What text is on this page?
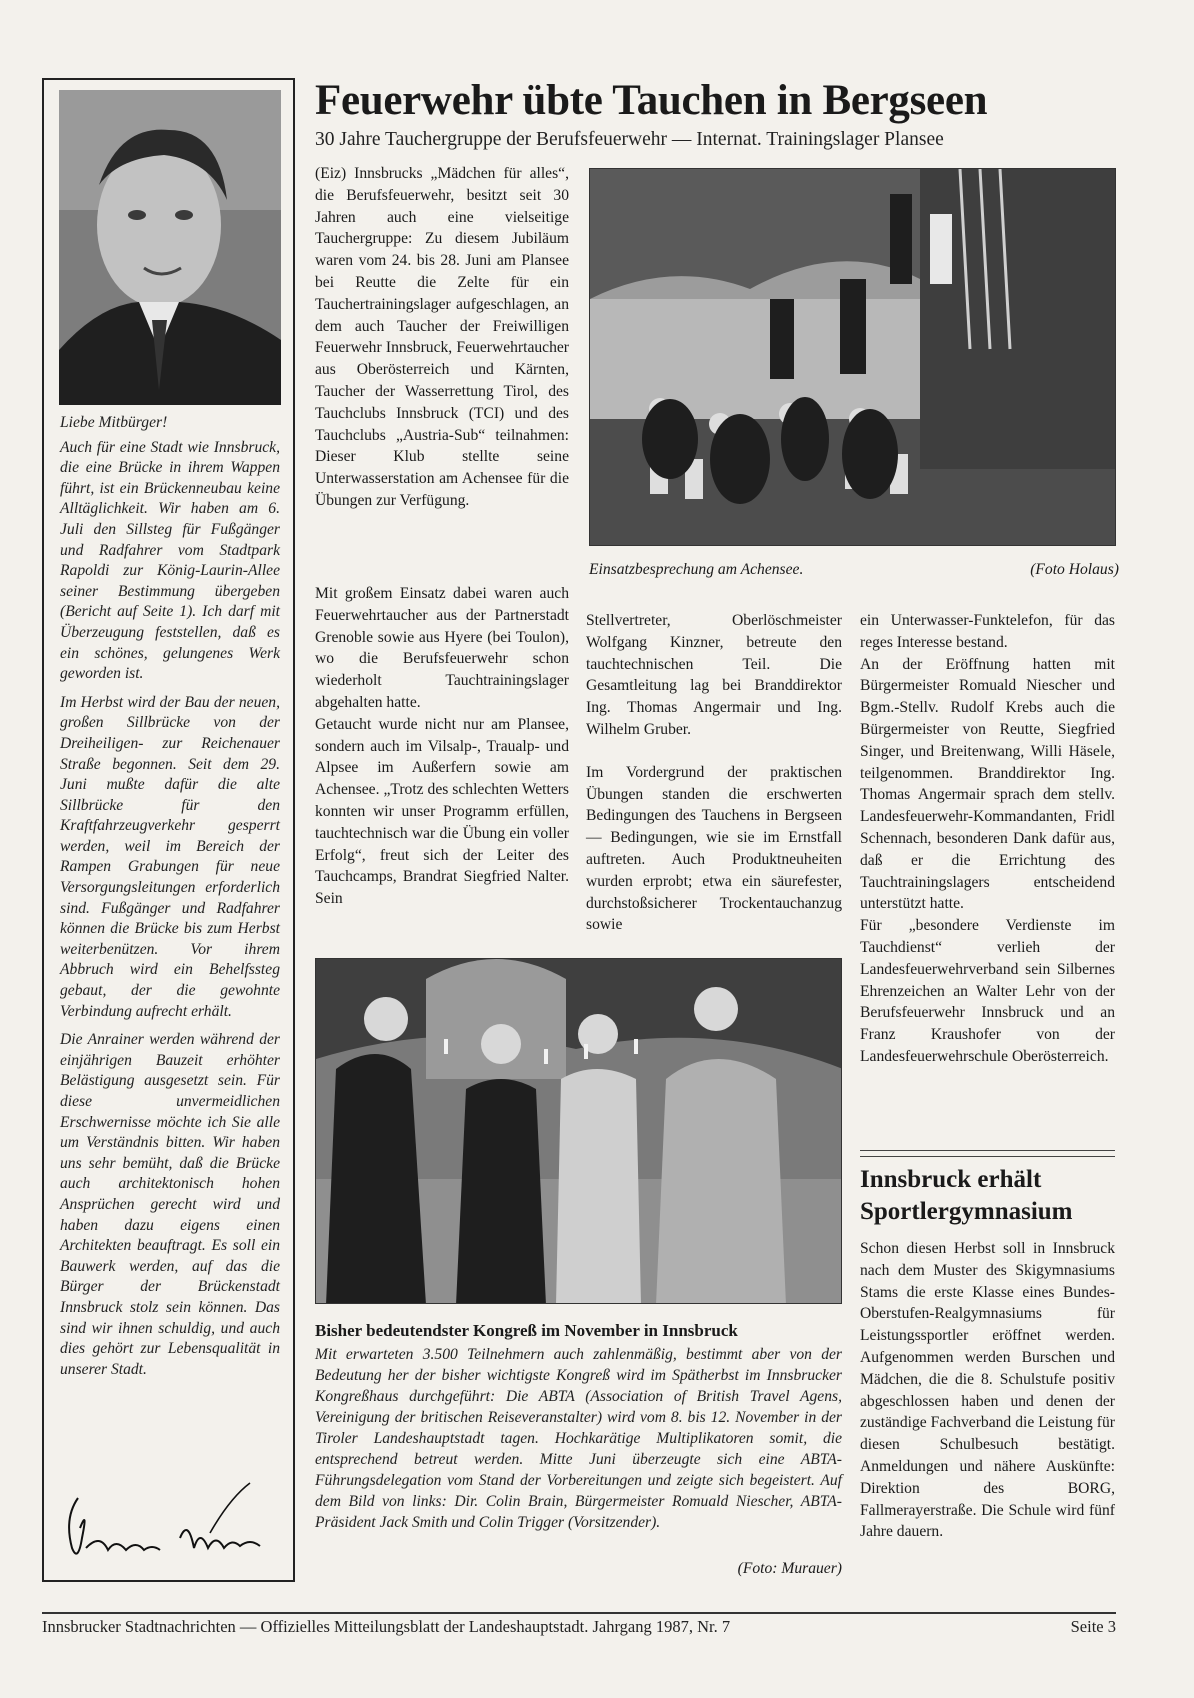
Liebe Mitbürger!

Auch für eine Stadt wie Innsbruck, die eine Brücke in ihrem Wappen führt, ist ein Brückenneubau keine Alltäglichkeit. Wir haben am 6. Juli den Sillsteg für Fußgänger und Radfahrer vom Stadtpark Rapoldi zur König-Laurin-Allee seiner Bestimmung übergeben (Bericht auf Seite 1). Ich darf mit Überzeugung feststellen, daß es ein schönes, gelungenes Werk geworden ist.

Im Herbst wird der Bau der neuen, großen Sillbrücke von der Dreiheiligen- zur Reichenauer Straße begonnen. Seit dem 29. Juni mußte dafür die alte Sillbrücke für den Kraftfahrzeugverkehr gesperrt werden, weil im Bereich der Rampen Grabungen für neue Versorgungsleitungen erforderlich sind. Fußgänger und Radfahrer können die Brücke bis zum Herbst weiterbenützen. Vor ihrem Abbruch wird ein Behelfssteg gebaut, der die gewohnte Verbindung aufrecht erhält.

Die Anrainer werden während der einjährigen Bauzeit erhöhter Belästigung ausgesetzt sein. Für diese unvermeidlichen Erschwernisse möchte ich Sie alle um Verständnis bitten. Wir haben uns sehr bemüht, daß die Brücke auch architektonisch hohen Ansprüchen gerecht wird und haben dazu eigens einen Architekten beauftragt. Es soll ein Bauwerk werden, auf das die Bürger der Brückenstadt Innsbruck stolz sein können. Das sind wir ihnen schuldig, und auch dies gehört zur Lebensqualität in unserer Stadt.

Feuerwehr übte Tauchen in Bergseen
30 Jahre Tauchergruppe der Berufsfeuerwehr — Internat. Trainingslager Plansee

(Eiz) Innsbrucks „Mädchen für alles“, die Berufsfeuerwehr, besitzt seit 30 Jahren auch eine vielseitige Tauchergruppe: Zu diesem Jubiläum waren vom 24. bis 28. Juni am Plansee bei Reutte die Zelte für ein Tauchertrainingslager aufgeschlagen, an dem auch Taucher der Freiwilligen Feuerwehr Innsbruck, Feuerwehrtaucher aus Oberösterreich und Kärnten, Taucher der Wasserrettung Tirol, des Tauchclubs Innsbruck (TCI) und des Tauchclubs „Austria-Sub“ teilnahmen: Dieser Klub stellte seine Unterwasserstation am Achensee für die Übungen zur Verfügung.

Mit großem Einsatz dabei waren auch Feuerwehrtaucher aus der Partnerstadt Grenoble sowie aus Hyere (bei Toulon), wo die Berufsfeuerwehr schon wiederholt Tauchtrainingslager abgehalten hatte.

Getaucht wurde nicht nur am Plansee, sondern auch im Vilsalp-, Traualp- und Alpsee im Außerfern sowie am Achensee. „Trotz des schlechten Wetters konnten wir unser Programm erfüllen, tauchtechnisch war die Übung ein voller Erfolg“, freut sich der Leiter des Tauchcamps, Brandrat Siegfried Nalter. Sein

Einsatzbesprechung am Achensee.	(Foto Holaus)

Stellvertreter, Oberlöschmeister Wolfgang Kinzner, betreute den tauchtechnischen Teil. Die Gesamtleitung lag bei Branddirektor Ing. Thomas Angermair und Ing. Wilhelm Gruber.

Im Vordergrund der praktischen Übungen standen die erschwerten Bedingungen des Tauchens in Bergseen — Bedingungen, wie sie im Ernstfall auftreten. Auch Produktneuheiten wurden erprobt; etwa ein säurefester, durchstoßsicherer Trockentauchanzug sowie

ein Unterwasser-Funktelefon, für das reges Interesse bestand.

An der Eröffnung hatten mit Bürgermeister Romuald Niescher und Bgm.-Stellv. Rudolf Krebs auch die Bürgermeister von Reutte, Siegfried Singer, und Breitenwang, Willi Häsele, teilgenommen. Branddirektor Ing. Thomas Angermair sprach dem stellv. Landesfeuerwehr-Kommandanten, Fridl Schennach, besonderen Dank dafür aus, daß er die Errichtung des Tauchtrainingslagers entscheidend unterstützt hatte.

Für „besondere Verdienste im Tauchdienst“ verlieh der Landesfeuerwehrverband sein Silbernes Ehrenzeichen an Walter Lehr von der Berufsfeuerwehr Innsbruck und an Franz Kraushofer von der Landesfeuerwehrschule Oberösterreich.

Bisher bedeutendster Kongreß im November in Innsbruck
Mit erwarteten 3.500 Teilnehmern auch zahlenmäßig, bestimmt aber von der Bedeutung her der bisher wichtigste Kongreß wird im Spätherbst im Innsbrucker Kongreßhaus durchgeführt: Die ABTA (Association of British Travel Agens, Vereinigung der britischen Reiseveranstalter) wird vom 8. bis 12. November in der Tiroler Landeshauptstadt tagen. Hochkarätige Multiplikatoren somit, die entsprechend betreut werden. Mitte Juni überzeugte sich eine ABTA-Führungsdelegation vom Stand der Vorbereitungen und zeigte sich begeistert. Auf dem Bild von links: Dir. Colin Brain, Bürgermeister Romuald Niescher, ABTA-Präsident Jack Smith und Colin Trigger (Vorsitzender).
(Foto: Murauer)
Innsbruck erhält Sportlergymnasium
Schon diesen Herbst soll in Innsbruck nach dem Muster des Skigymnasiums Stams die erste Klasse eines Bundes-Oberstufen-Realgymnasiums für Leistungssportler eröffnet werden. Aufgenommen werden Burschen und Mädchen, die die 8. Schulstufe positiv abgeschlossen haben und denen der zuständige Fachverband die Leistung für diesen Schulbesuch bestätigt. Anmeldungen und nähere Auskünfte: Direktion des BORG, Fallmerayerstraße. Die Schule wird fünf Jahre dauern.
Innsbrucker Stadtnachrichten — Offizielles Mitteilungsblatt der Landeshauptstadt. Jahrgang 1987, Nr. 7	Seite 3
